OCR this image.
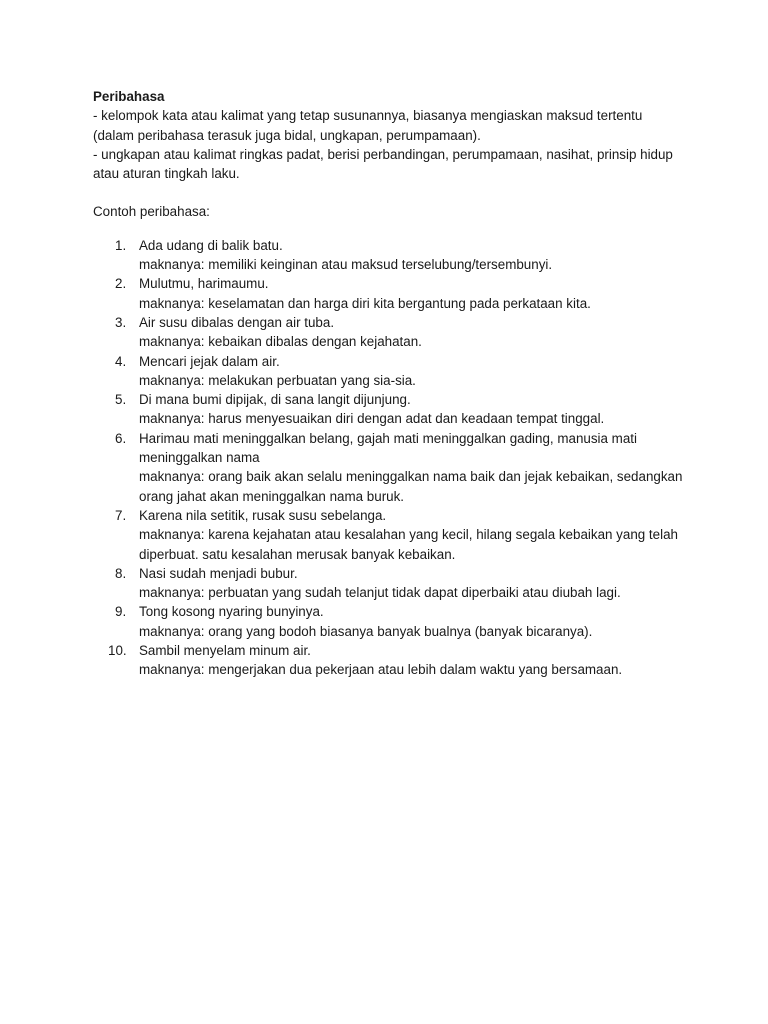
Peribahasa

- kelompok kata atau kalimat yang tetap susunannya, biasanya mengiaskan maksud tertentu (dalam peribahasa terasuk juga bidal, ungkapan, perumpamaan).

- ungkapan atau kalimat ringkas padat, berisi perbandingan, perumpamaan, nasihat, prinsip hidup atau aturan tingkah laku.

Contoh peribahasa:

1. Ada udang di balik batu.
maknanya: memiliki keinginan atau maksud terselubung/tersembunyi.
2. Mulutmu, harimaumu.
maknanya: keselamatan dan harga diri kita bergantung pada perkataan kita.
3. Air susu dibalas dengan air tuba.
maknanya: kebaikan dibalas dengan kejahatan.
4. Mencari jejak dalam air.
maknanya: melakukan perbuatan yang sia-sia.
5. Di mana bumi dipijak, di sana langit dijunjung.
maknanya: harus menyesuaikan diri dengan adat dan keadaan tempat tinggal.
6. Harimau mati meninggalkan belang, gajah mati meninggalkan gading, manusia mati meninggalkan nama
maknanya: orang baik akan selalu meninggalkan nama baik dan jejak kebaikan, sedangkan orang jahat akan meninggalkan nama buruk.
7. Karena nila setitik, rusak susu sebelanga.
maknanya: karena kejahatan atau kesalahan yang kecil, hilang segala kebaikan yang telah diperbuat. satu kesalahan merusak banyak kebaikan.
8. Nasi sudah menjadi bubur.
maknanya: perbuatan yang sudah telanjut tidak dapat diperbaiki atau diubah lagi.
9. Tong kosong nyaring bunyinya.
maknanya: orang yang bodoh biasanya banyak bualnya (banyak bicaranya).
10. Sambil menyelam minum air.
maknanya: mengerjakan dua pekerjaan atau lebih dalam waktu yang bersamaan.
